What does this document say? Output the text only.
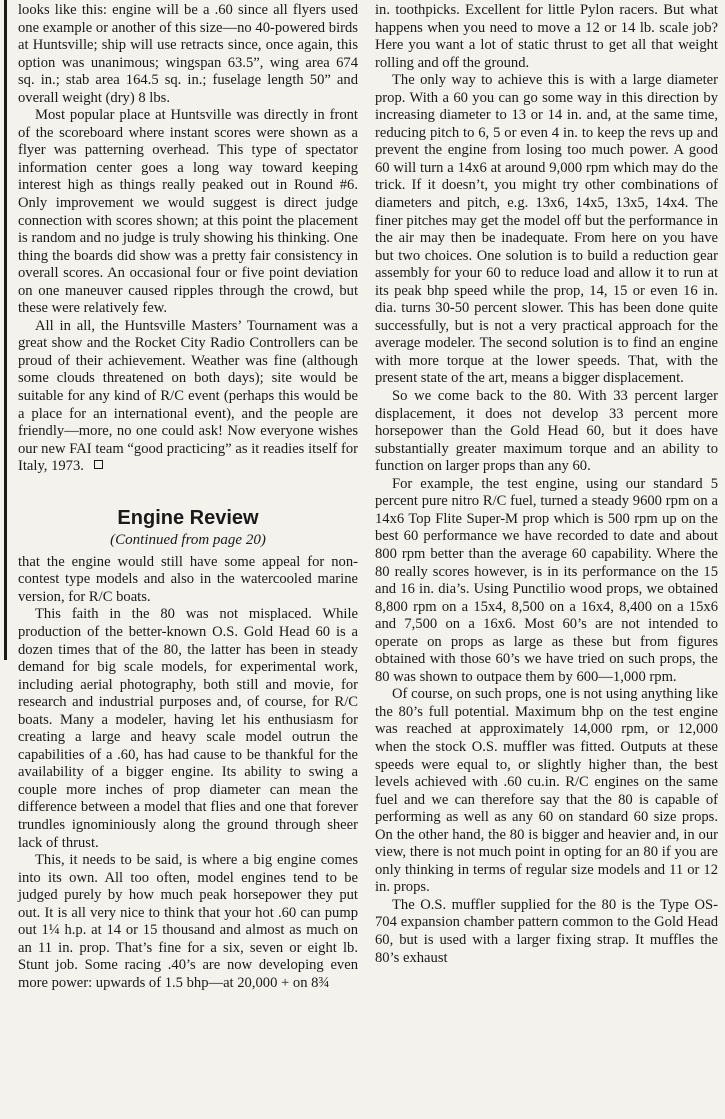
looks like this: engine will be a .60 since all flyers used one example or another of this size—no 40-powered birds at Huntsville; ship will use retracts since, once again, this option was unanimous; wingspan 63.5”, wing area 674 sq. in.; stab area 164.5 sq. in.; fuselage length 50” and overall weight (dry) 8 lbs.

Most popular place at Huntsville was directly in front of the scoreboard where instant scores were shown as a flyer was patterning overhead. This type of spectator information center goes a long way toward keeping interest high as things really peaked out in Round #6. Only improvement we would suggest is direct judge connection with scores shown; at this point the placement is random and no judge is truly showing his thinking. One thing the boards did show was a pretty fair consistency in overall scores. An occasional four or five point deviation on one maneuver caused ripples through the crowd, but these were relatively few.

All in all, the Huntsville Masters’ Tournament was a great show and the Rocket City Radio Controllers can be proud of their achievement. Weather was fine (although some clouds threatened on both days); site would be suitable for any kind of R/C event (perhaps this would be a place for an international event), and the people are friendly—more, no one could ask! Now everyone wishes our new FAI team “good practicing” as it readies itself for Italy, 1973.

Engine Review
(Continued from page 20)

that the engine would still have some appeal for non-contest type models and also in the watercooled marine version, for R/C boats.

This faith in the 80 was not misplaced. While production of the better-known O.S. Gold Head 60 is a dozen times that of the 80, the latter has been in steady demand for big scale models, for experimental work, including aerial photography, both still and movie, for research and industrial purposes and, of course, for R/C boats. Many a modeler, having let his enthusiasm for creating a large and heavy scale model outrun the capabilities of a .60, has had cause to be thankful for the availability of a bigger engine. Its ability to swing a couple more inches of prop diameter can mean the difference between a model that flies and one that forever trundles ignominiously along the ground through sheer lack of thrust.

This, it needs to be said, is where a big engine comes into its own. All too often, model engines tend to be judged purely by how much peak horsepower they put out. It is all very nice to think that your hot .60 can pump out 1¼ h.p. at 14 or 15 thousand and almost as much on an 11 in. prop. That’s fine for a six, seven or eight lb. Stunt job. Some racing .40’s are now developing even more power: upwards of 1.5 bhp—at 20,000 + on 8¾

in. toothpicks. Excellent for little Pylon racers. But what happens when you need to move a 12 or 14 lb. scale job? Here you want a lot of static thrust to get all that weight rolling and off the ground.

The only way to achieve this is with a large diameter prop. With a 60 you can go some way in this direction by increasing diameter to 13 or 14 in. and, at the same time, reducing pitch to 6, 5 or even 4 in. to keep the revs up and prevent the engine from losing too much power. A good 60 will turn a 14x6 at around 9,000 rpm which may do the trick. If it doesn’t, you might try other combinations of diameters and pitch, e.g. 13x6, 14x5, 13x5, 14x4. The finer pitches may get the model off but the performance in the air may then be inadequate. From here on you have but two choices. One solution is to build a reduction gear assembly for your 60 to reduce load and allow it to run at its peak bhp speed while the prop, 14, 15 or even 16 in. dia. turns 30-50 percent slower. This has been done quite successfully, but is not a very practical approach for the average modeler. The second solution is to find an engine with more torque at the lower speeds. That, with the present state of the art, means a bigger displacement.

So we come back to the 80. With 33 percent larger displacement, it does not develop 33 percent more horsepower than the Gold Head 60, but it does have substantially greater maximum torque and an ability to function on larger props than any 60.

For example, the test engine, using our standard 5 percent pure nitro R/C fuel, turned a steady 9600 rpm on a 14x6 Top Flite Super-M prop which is 500 rpm up on the best 60 performance we have recorded to date and about 800 rpm better than the average 60 capability. Where the 80 really scores however, is in its performance on the 15 and 16 in. dia’s. Using Punctilio wood props, we obtained 8,800 rpm on a 15x4, 8,500 on a 16x4, 8,400 on a 15x6 and 7,500 on a 16x6. Most 60’s are not intended to operate on props as large as these but from figures obtained with those 60’s we have tried on such props, the 80 was shown to outpace them by 600—1,000 rpm.

Of course, on such props, one is not using anything like the 80’s full potential. Maximum bhp on the test engine was reached at approximately 14,000 rpm, or 12,000 when the stock O.S. muffler was fitted. Outputs at these speeds were equal to, or slightly higher than, the best levels achieved with .60 cu.in. R/C engines on the same fuel and we can therefore say that the 80 is capable of performing as well as any 60 on standard 60 size props. On the other hand, the 80 is bigger and heavier and, in our view, there is not much point in opting for an 80 if you are only thinking in terms of regular size models and 11 or 12 in. props.

The O.S. muffler supplied for the 80 is the Type OS-704 expansion chamber pattern common to the Gold Head 60, but is used with a larger fixing strap. It muffles the 80’s exhaust
